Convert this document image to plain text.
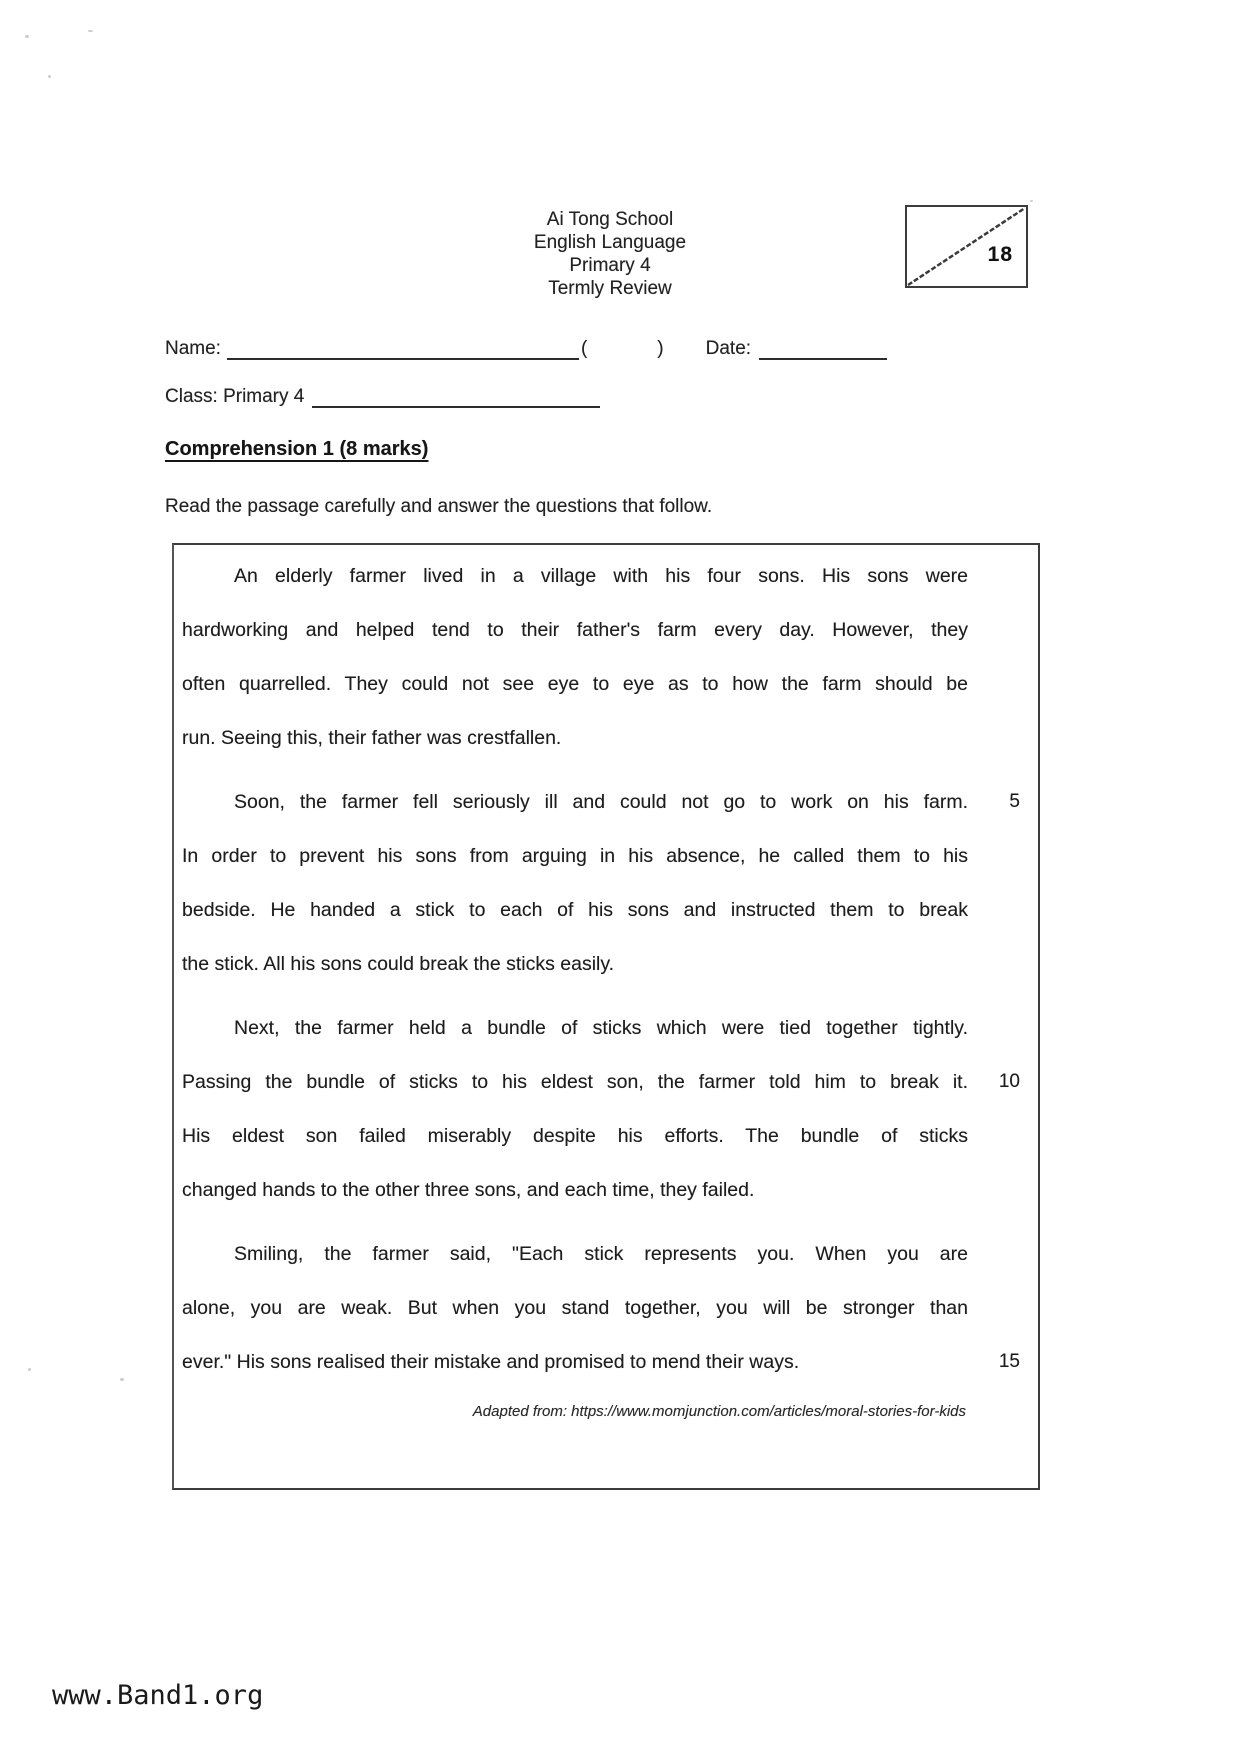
Ai Tong School
English Language
Primary 4
Termly Review
18
Name:	(	) Date:
Class: Primary 4
Comprehension 1 (8 marks)
Read the passage carefully and answer the questions that follow.
An elderly farmer lived in a village with his four sons. His sons were
hardworking and helped tend to their father's farm every day. However, they
often quarrelled. They could not see eye to eye as to how the farm should be
run. Seeing this, their father was crestfallen.
Soon, the farmer fell seriously ill and could not go to work on his farm. 5
In order to prevent his sons from arguing in his absence, he called them to his
bedside. He handed a stick to each of his sons and instructed them to break
the stick. All his sons could break the sticks easily.
Next, the farmer held a bundle of sticks which were tied together tightly.
Passing the bundle of sticks to his eldest son, the farmer told him to break it. 10
His eldest son failed miserably despite his efforts. The bundle of sticks
changed hands to the other three sons, and each time, they failed.
Smiling, the farmer said, "Each stick represents you. When you are
alone, you are weak. But when you stand together, you will be stronger than
ever." His sons realised their mistake and promised to mend their ways.	15
Adapted from: https://www.momjunction.com/articles/moral-stories-for-kids
www.Band1.org
